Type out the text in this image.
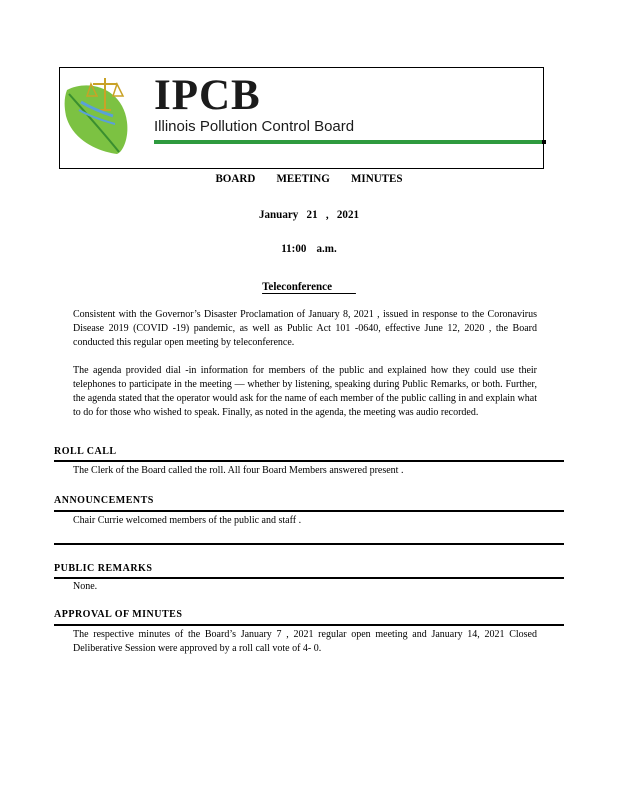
IPCB
Illinois Pollution Control Board
BOARD MEETING MINUTES
January 21 , 2021
11:00 a.m.
Teleconference
Consistent with the Governor’s Disaster Proclamation of January 8, 2021 , issued in response to the Coronavirus Disease 2019 (COVID -19) pandemic, as well as Public Act 101 -0640, effective June 12, 2020 , the Board conducted this regular open meeting by teleconference.
The agenda provided dial -in information for members of the public and explained how they could use their telephones to participate in the meeting — whether by listening, speaking during Public Remarks, or both. Further, the agenda stated that the operator would ask for the name of each member of the public calling in and explain what to do for those who wished to speak. Finally, as noted in the agenda, the meeting was audio recorded.
ROLL CALL
The Clerk of the Board called the roll. All four Board Members answered present .
ANNOUNCEMENTS
Chair Currie welcomed members of the public and staff .
PUBLIC REMARKS
None.
APPROVAL OF MINUTES
The respective minutes of the Board’s January 7 , 2021 regular open meeting and January 14, 2021 Closed Deliberative Session were approved by a roll call vote of 4- 0.
